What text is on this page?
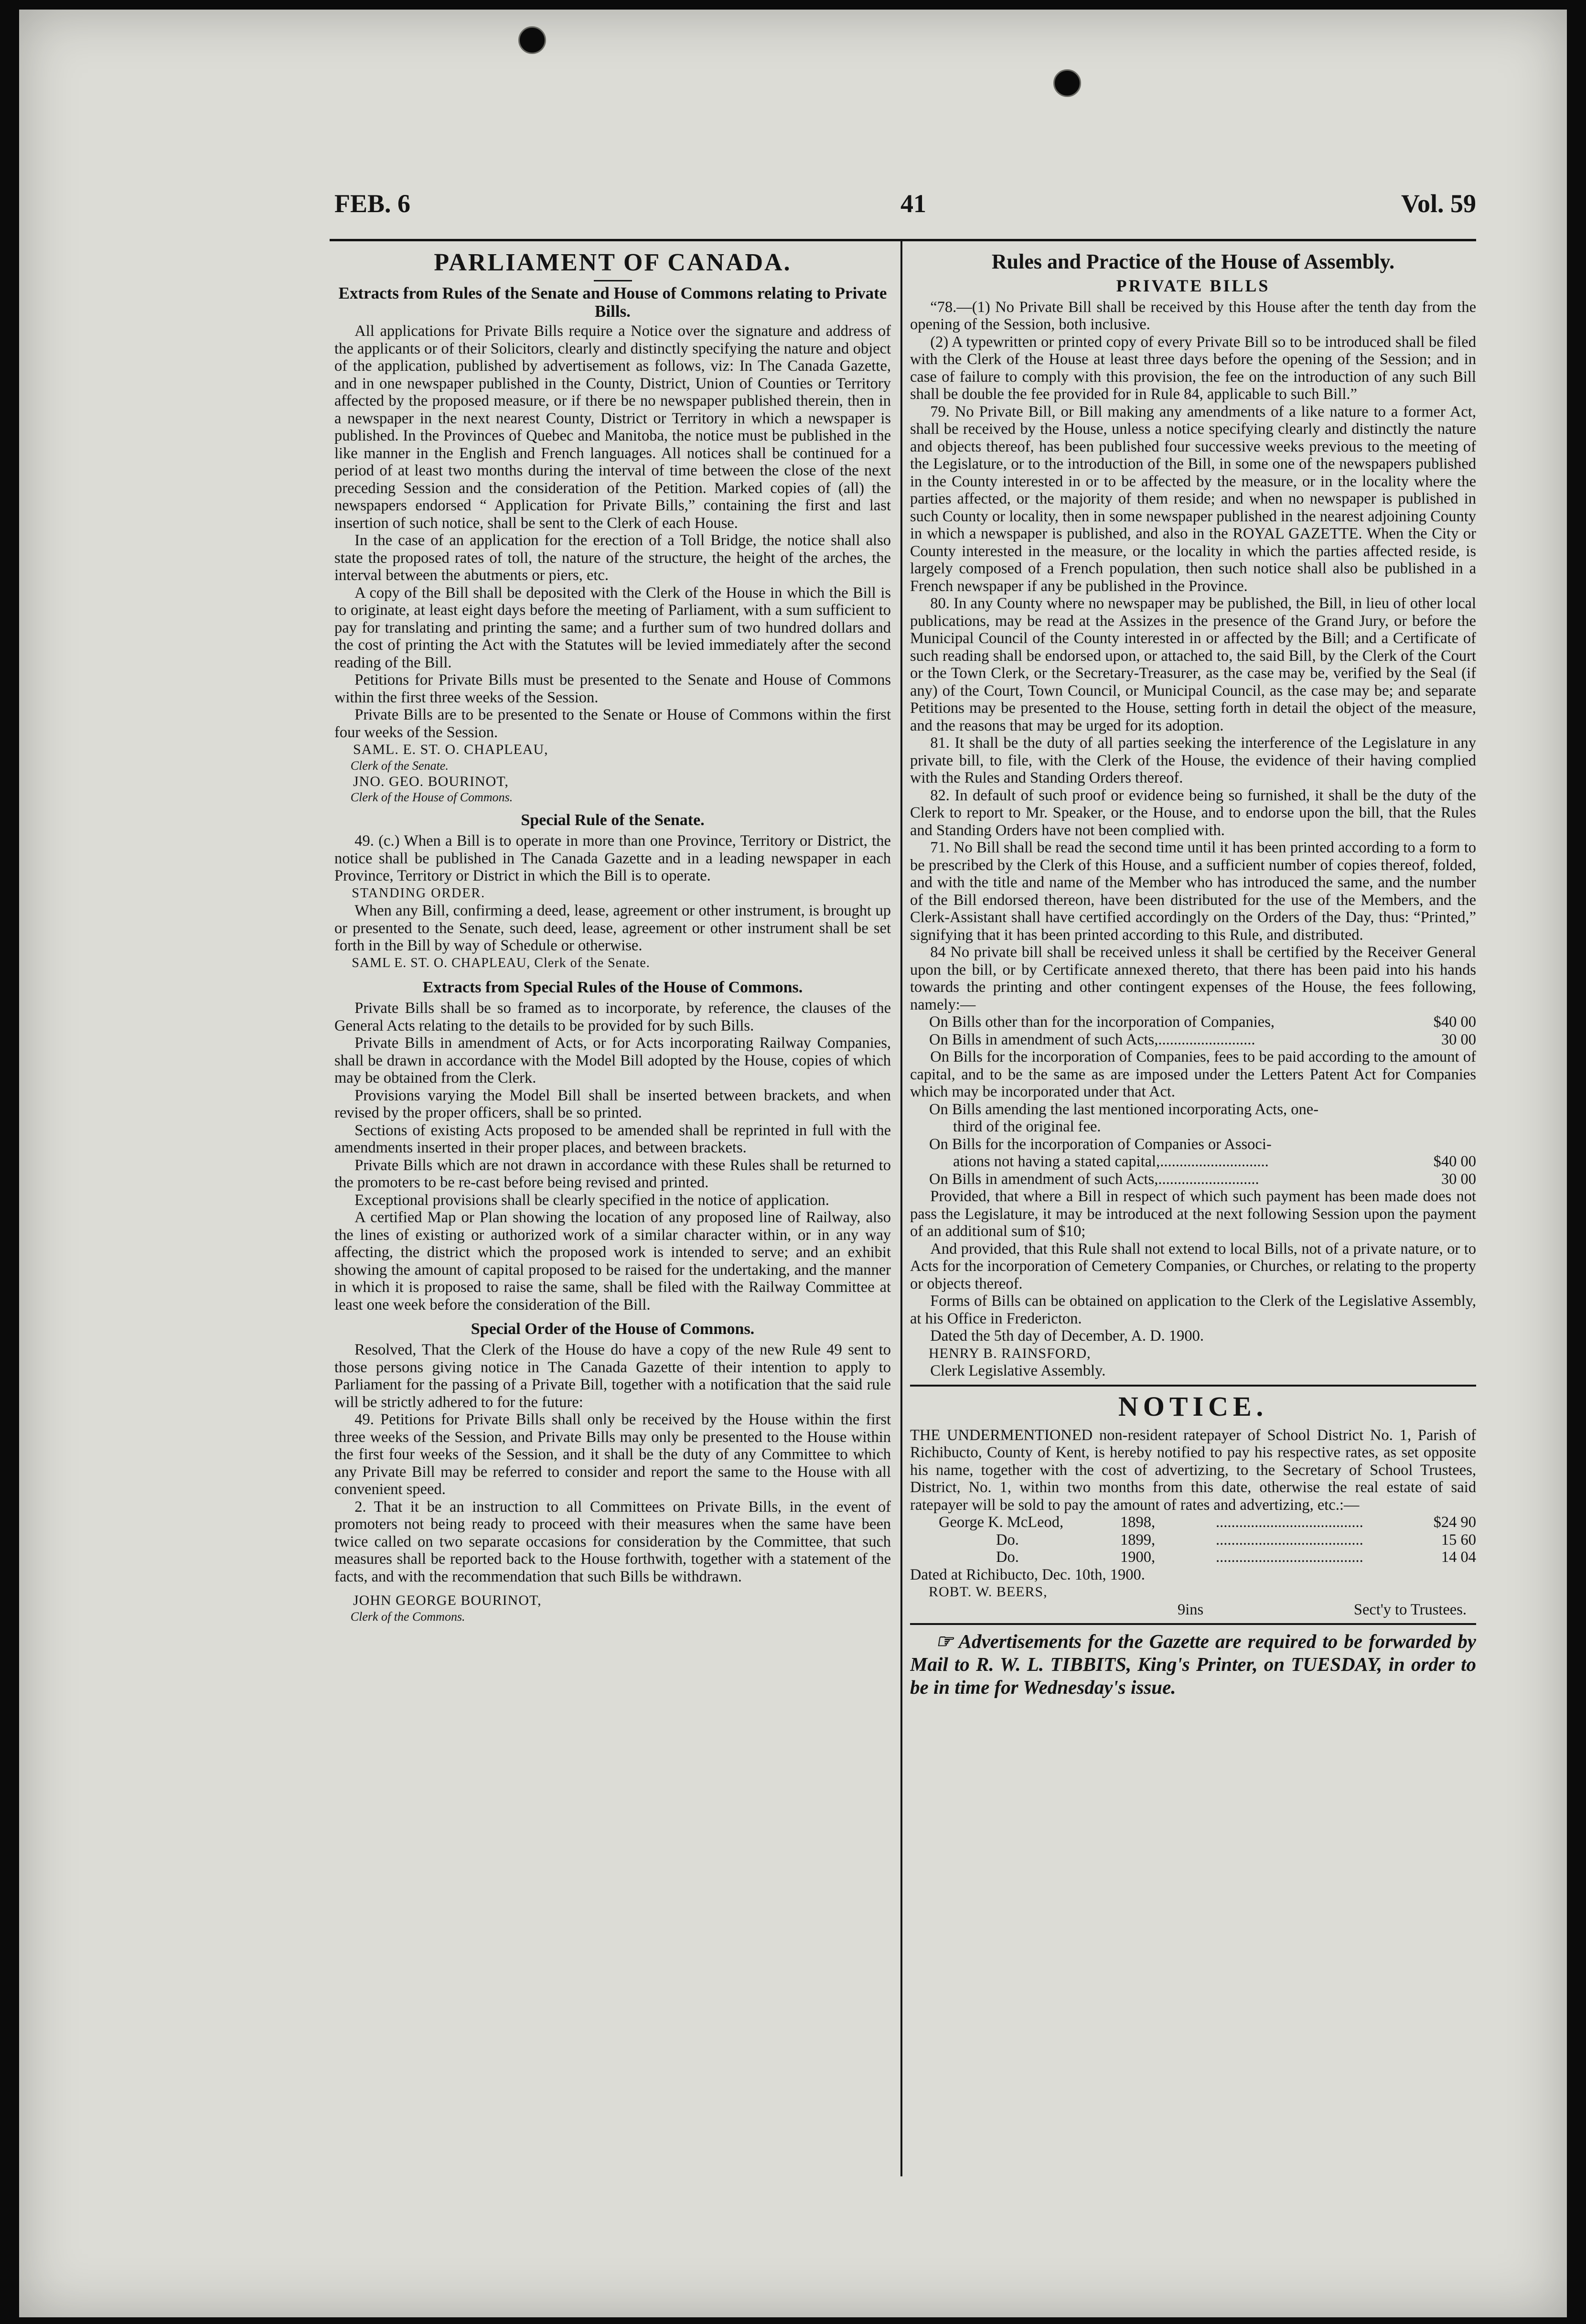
FEB. 6	41	Vol. 59
PARLIAMENT OF CANADA.
Extracts from Rules of the Senate and House of Commons relating to Private Bills.

All applications for Private Bills require a Notice over the signature and address of the applicants or of their Solicitors, clearly and distinctly specifying the nature and object of the application, published by advertisement as follows, viz: In The Canada Gazette, and in one newspaper published in the County, District, Union of Counties or Territory affected by the proposed measure, or if there be no newspaper published therein, then in a newspaper in the next nearest County, District or Territory in which a newspaper is published. In the Provinces of Quebec and Manitoba, the notice must be published in the like manner in the English and French languages. All notices shall be continued for a period of at least two months during the interval of time between the close of the next preceding Session and the consideration of the Petition. Marked copies of (all) the newspapers endorsed “ Application for Private Bills,” containing the first and last insertion of such notice, shall be sent to the Clerk of each House.

In the case of an application for the erection of a Toll Bridge, the notice shall also state the proposed rates of toll, the nature of the structure, the height of the arches, the interval between the abutments or piers, etc.

A copy of the Bill shall be deposited with the Clerk of the House in which the Bill is to originate, at least eight days before the meeting of Parliament, with a sum sufficient to pay for translating and printing the same; and a further sum of two hundred dollars and the cost of printing the Act with the Statutes will be levied immediately after the second reading of the Bill.

Petitions for Private Bills must be presented to the Senate and House of Commons within the first three weeks of the Session.

Private Bills are to be presented to the Senate or House of Commons within the first four weeks of the Session.

SAML. E. ST. O. CHAPLEAU,

Clerk of the Senate.

JNO. GEO. BOURINOT,

Clerk of the House of Commons.

Special Rule of the Senate.

49. (c.) When a Bill is to operate in more than one Province, Territory or District, the notice shall be published in The Canada Gazette and in a leading newspaper in each Province, Territory or District in which the Bill is to operate.

STANDING ORDER.

When any Bill, confirming a deed, lease, agreement or other instrument, is brought up or presented to the Senate, such deed, lease, agreement or other instrument shall be set forth in the Bill by way of Schedule or otherwise.

SAML E. ST. O. CHAPLEAU, Clerk of the Senate.

Extracts from Special Rules of the House of Commons.

Private Bills shall be so framed as to incorporate, by reference, the clauses of the General Acts relating to the details to be provided for by such Bills.

Private Bills in amendment of Acts, or for Acts incorporating Railway Companies, shall be drawn in accordance with the Model Bill adopted by the House, copies of which may be obtained from the Clerk.

Provisions varying the Model Bill shall be inserted between brackets, and when revised by the proper officers, shall be so printed.

Sections of existing Acts proposed to be amended shall be reprinted in full with the amendments inserted in their proper places, and between brackets.

Private Bills which are not drawn in accordance with these Rules shall be returned to the promoters to be re-cast before being revised and printed.

Exceptional provisions shall be clearly specified in the notice of application.

A certified Map or Plan showing the location of any proposed line of Railway, also the lines of existing or authorized work of a similar character within, or in any way affecting, the district which the proposed work is intended to serve; and an exhibit showing the amount of capital proposed to be raised for the undertaking, and the manner in which it is proposed to raise the same, shall be filed with the Railway Committee at least one week before the consideration of the Bill.

Special Order of the House of Commons.

Resolved, That the Clerk of the House do have a copy of the new Rule 49 sent to those persons giving notice in The Canada Gazette of their intention to apply to Parliament for the passing of a Private Bill, together with a notification that the said rule will be strictly adhered to for the future:

49. Petitions for Private Bills shall only be received by the House within the first three weeks of the Session, and Private Bills may only be presented to the House within the first four weeks of the Session, and it shall be the duty of any Committee to which any Private Bill may be referred to consider and report the same to the House with all convenient speed.

2. That it be an instruction to all Committees on Private Bills, in the event of promoters not being ready to proceed with their measures when the same have been twice called on two separate occasions for consideration by the Committee, that such measures shall be reported back to the House forthwith, together with a statement of the facts, and with the recommendation that such Bills be withdrawn.

JOHN GEORGE BOURINOT,

Clerk of the Commons.

Rules and Practice of the House of Assembly.
PRIVATE BILLS

“78.—(1) No Private Bill shall be received by this House after the tenth day from the opening of the Session, both inclusive.

(2) A typewritten or printed copy of every Private Bill so to be introduced shall be filed with the Clerk of the House at least three days before the opening of the Session; and in case of failure to comply with this provision, the fee on the introduction of any such Bill shall be double the fee provided for in Rule 84, applicable to such Bill.”

79. No Private Bill, or Bill making any amendments of a like nature to a former Act, shall be received by the House, unless a notice specifying clearly and distinctly the nature and objects thereof, has been published four successive weeks previous to the meeting of the Legislature, or to the introduction of the Bill, in some one of the newspapers published in the County interested in or to be affected by the measure, or in the locality where the parties affected, or the majority of them reside; and when no newspaper is published in such County or locality, then in some newspaper published in the nearest adjoining County in which a newspaper is published, and also in the ROYAL GAZETTE. When the City or County interested in the measure, or the locality in which the parties affected reside, is largely composed of a French population, then such notice shall also be published in a French newspaper if any be published in the Province.

80. In any County where no newspaper may be published, the Bill, in lieu of other local publications, may be read at the Assizes in the presence of the Grand Jury, or before the Municipal Council of the County interested in or affected by the Bill; and a Certificate of such reading shall be endorsed upon, or attached to, the said Bill, by the Clerk of the Court or the Town Clerk, or the Secretary-Treasurer, as the case may be, verified by the Seal (if any) of the Court, Town Council, or Municipal Council, as the case may be; and separate Petitions may be presented to the House, setting forth in detail the object of the measure, and the reasons that may be urged for its adoption.

81. It shall be the duty of all parties seeking the interference of the Legislature in any private bill, to file, with the Clerk of the House, the evidence of their having complied with the Rules and Standing Orders thereof.

82. In default of such proof or evidence being so furnished, it shall be the duty of the Clerk to report to Mr. Speaker, or the House, and to endorse upon the bill, that the Rules and Standing Orders have not been complied with.

71. No Bill shall be read the second time until it has been printed according to a form to be prescribed by the Clerk of this House, and a sufficient number of copies thereof, folded, and with the title and name of the Member who has introduced the same, and the number of the Bill endorsed thereon, have been distributed for the use of the Members, and the Clerk-Assistant shall have certified accordingly on the Orders of the Day, thus: “Printed,” signifying that it has been printed according to this Rule, and distributed.

84 No private bill shall be received unless it shall be certified by the Receiver General upon the bill, or by Certificate annexed thereto, that there has been paid into his hands towards the printing and other contingent expenses of the House, the fees following, namely:—

On Bills other than for the incorporation of Companies,	$40 00
On Bills in amendment of such Acts,.........................	30 00

On Bills for the incorporation of Companies, fees to be paid according to the amount of capital, and to be the same as are imposed under the Letters Patent Act for Companies which may be incorporated under that Act.

On Bills amending the last mentioned incorporating Acts, one-

third of the original fee.

On Bills for the incorporation of Companies or Associ-

ations not having a stated capital,............................	$40 00
On Bills in amendment of such Acts,..........................	30 00

Provided, that where a Bill in respect of which such payment has been made does not pass the Legislature, it may be introduced at the next following Session upon the payment of an additional sum of $10;

And provided, that this Rule shall not extend to local Bills, not of a private nature, or to Acts for the incorporation of Cemetery Companies, or Churches, or relating to the property or objects thereof.

Forms of Bills can be obtained on application to the Clerk of the Legislative Assembly, at his Office in Fredericton.

Dated the 5th day of December, A. D. 1900.

HENRY B. RAINSFORD,

Clerk Legislative Assembly.

NOTICE.

THE UNDERMENTIONED non-resident ratepayer of School District No. 1, Parish of Richibucto, County of Kent, is hereby notified to pay his respective rates, as set opposite his name, together with the cost of advertizing, to the Secretary of School Trustees, District, No. 1, within two months from this date, otherwise the real estate of said ratepayer will be sold to pay the amount of rates and advertizing, etc.:—

George K. McLeod,	1898,	......................................	$24 90
Do.	1899,	......................................	15 60
Do.	1900,	......................................	14 04

Dated at Richibucto, Dec. 10th, 1900.

ROBT. W. BEERS,

9ins	Sect'y to Trustees.

☞ Advertisements for the Gazette are required to be forwarded by Mail to R. W. L. TIBBITS, King's Printer, on TUESDAY, in order to be in time for Wednesday's issue.
